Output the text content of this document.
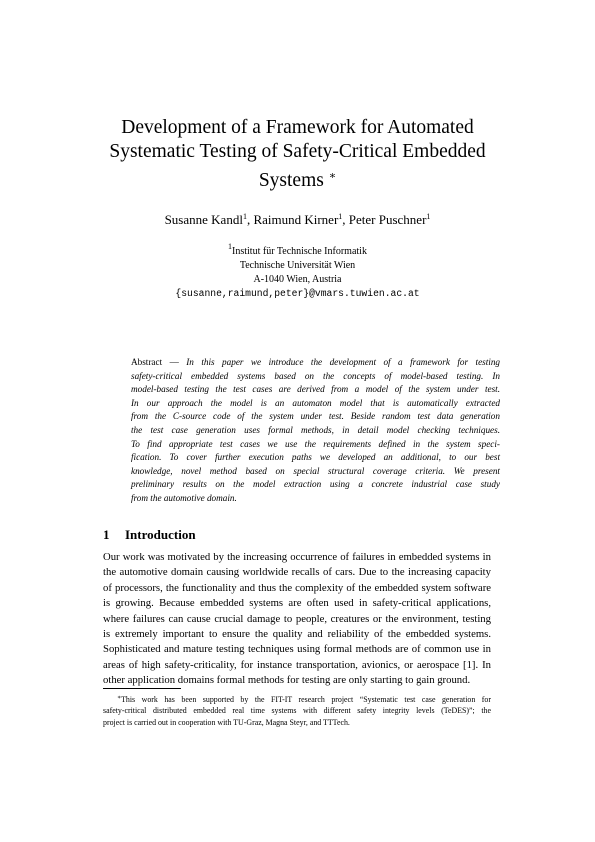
Development of a Framework for Automated
Systematic Testing of Safety-Critical Embedded
Systems ∗
Susanne Kandl$^1$, Raimund Kirner$^1$, Peter Puschner$^1$
$^1$Institut für Technische Informatik
Technische Universität Wien
A-1040 Wien, Austria
{susanne,raimund,peter}@vmars.tuwien.ac.at
Abstract — In this paper we introduce the development of a framework for testing
safety-critical embedded systems based on the concepts of model-based testing. In
model-based testing the test cases are derived from a model of the system under test.
In our approach the model is an automaton model that is automatically extracted
from the C-source code of the system under test. Beside random test data generation
the test case generation uses formal methods, in detail model checking techniques.
To find appropriate test cases we use the requirements defined in the system speci-
fication. To cover further execution paths we developed an additional, to our best
knowledge, novel method based on special structural coverage criteria. We present
preliminary results on the model extraction using a concrete industrial case study
from the automotive domain.
1 Introduction
Our work was motivated by the increasing occurrence of failures in embedded systems in
the automotive domain causing worldwide recalls of cars. Due to the increasing capacity
of processors, the functionality and thus the complexity of the embedded system software
is growing. Because embedded systems are often used in safety-critical applications,
where failures can cause crucial damage to people, creatures or the environment, testing
is extremely important to ensure the quality and reliability of the embedded systems.
Sophisticated and mature testing techniques using formal methods are of common use in
areas of high safety-criticality, for instance transportation, avionics, or aerospace [1]. In
other application domains formal methods for testing are only starting to gain ground.
∗This work has been supported by the FIT-IT research project “Systematic test case generation for
safety-critical distributed embedded real time systems with different safety integrity levels (TeDES)”; the
project is carried out in cooperation with TU-Graz, Magna Steyr, and TTTech.
